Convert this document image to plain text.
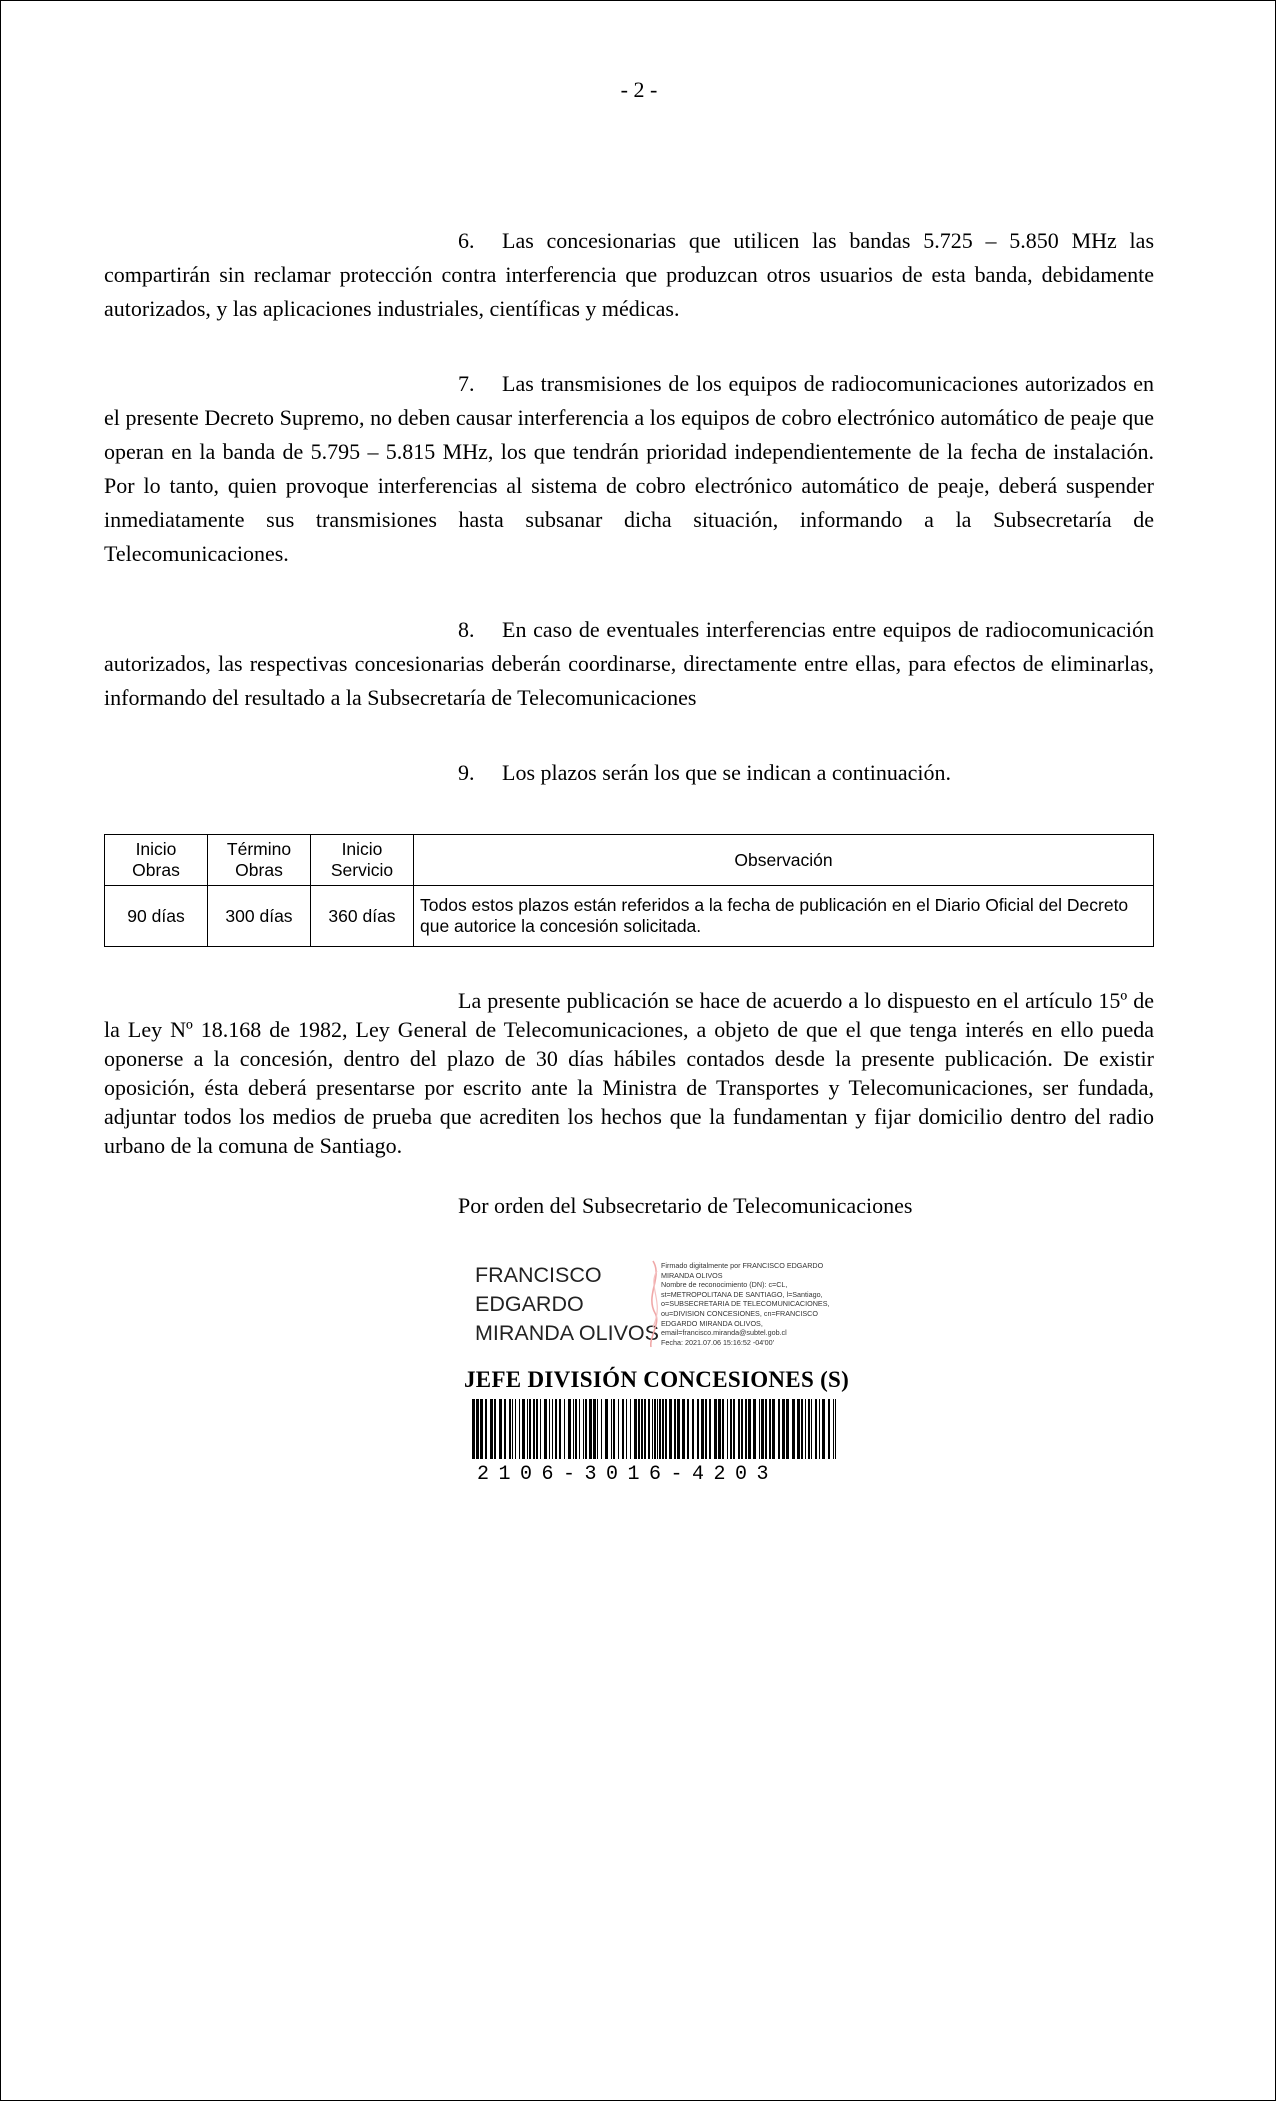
- 2 -
6. Las concesionarias que utilicen las bandas 5.725 – 5.850 MHz las compartirán sin reclamar protección contra interferencia que produzcan otros usuarios de esta banda, debidamente autorizados, y las aplicaciones industriales, científicas y médicas.
7. Las transmisiones de los equipos de radiocomunicaciones autorizados en el presente Decreto Supremo, no deben causar interferencia a los equipos de cobro electrónico automático de peaje que operan en la banda de 5.795 – 5.815 MHz, los que tendrán prioridad independientemente de la fecha de instalación. Por lo tanto, quien provoque interferencias al sistema de cobro electrónico automático de peaje, deberá suspender inmediatamente sus transmisiones hasta subsanar dicha situación, informando a la Subsecretaría de Telecomunicaciones.
8. En caso de eventuales interferencias entre equipos de radiocomunicación autorizados, las respectivas concesionarias deberán coordinarse, directamente entre ellas, para efectos de eliminarlas, informando del resultado a la Subsecretaría de Telecomunicaciones
9. Los plazos serán los que se indican a continuación.
Inicio Obras	Término Obras	Inicio Servicio	Observación
90 días	300 días	360 días	Todos estos plazos están referidos a la fecha de publicación en el Diario Oficial del Decreto que autorice la concesión solicitada.
La presente publicación se hace de acuerdo a lo dispuesto en el artículo 15º de la Ley Nº 18.168 de 1982, Ley General de Telecomunicaciones, a objeto de que el que tenga interés en ello pueda oponerse a la concesión, dentro del plazo de 30 días hábiles contados desde la presente publicación. De existir oposición, ésta deberá presentarse por escrito ante la Ministra de Transportes y Telecomunicaciones, ser fundada, adjuntar todos los medios de prueba que acrediten los hechos que la fundamentan y fijar domicilio dentro del radio urbano de la comuna de Santiago.
Por orden del Subsecretario de Telecomunicaciones
FRANCISCO
EDGARDO
MIRANDA OLIVOS
Firmado digitalmente por FRANCISCO EDGARDO
MIRANDA OLIVOS
Nombre de reconocimiento (DN): c=CL,
st=METROPOLITANA DE SANTIAGO, l=Santiago,
o=SUBSECRETARIA DE TELECOMUNICACIONES,
ou=DIVISION CONCESIONES, cn=FRANCISCO
EDGARDO MIRANDA OLIVOS,
email=francisco.miranda@subtel.gob.cl
Fecha: 2021.07.06 15:16:52 -04'00'
JEFE DIVISIÓN CONCESIONES (S)
2106-3016-4203
